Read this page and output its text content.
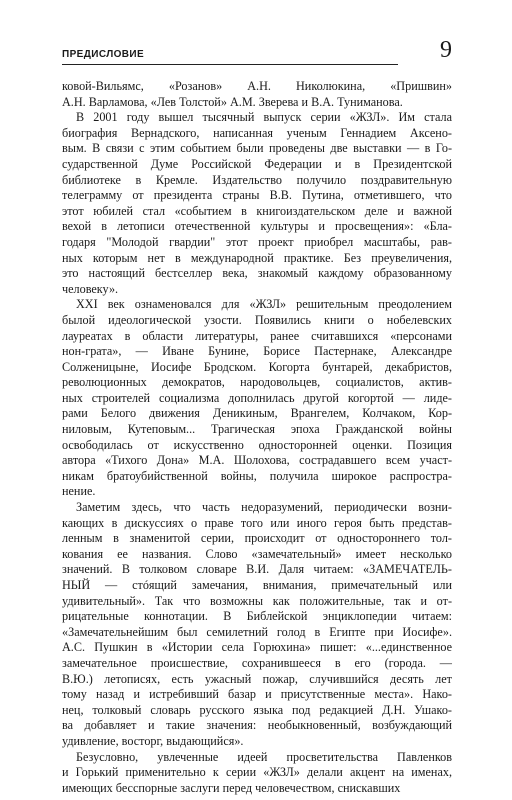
ПРЕДИСЛОВИЕ	9
ковой-Вильямс, «Розанов» А.Н. Николюкина, «Пришвин»
А.Н. Варламова, «Лев Толстой» А.М. Зверева и В.А. Туниманова.
В 2001 году вышел тысячный выпуск серии «ЖЗЛ». Им стала
биография Вернадского, написанная ученым Геннадием Аксено-
вым. В связи с этим событием были проведены две выставки — в Го-
сударственной Думе Российской Федерации и в Президентской
библиотеке в Кремле. Издательство получило поздравительную
телеграмму от президента страны В.В. Путина, отметившего, что
этот юбилей стал «событием в книгоиздательском деле и важной
вехой в летописи отечественной культуры и просвещения»: «Бла-
годаря "Молодой гвардии" этот проект приобрел масштабы, рав-
ных которым нет в международной практике. Без преувеличения,
это настоящий бестселлер века, знакомый каждому образованному
человеку».
XXI век ознаменовался для «ЖЗЛ» решительным преодолением
былой идеологической узости. Появились книги о нобелевских
лауреатах в области литературы, ранее считавшихся «персонами
нон-грата», — Иване Бунине, Борисе Пастернаке, Александре
Солженицыне, Иосифе Бродском. Когорта бунтарей, декабристов,
революционных демократов, народовольцев, социалистов, актив-
ных строителей социализма дополнилась другой когортой — лиде-
рами Белого движения Деникиным, Врангелем, Колчаком, Кор-
ниловым, Кутеповым... Трагическая эпоха Гражданской войны
освободилась от искусственно односторонней оценки. Позиция
автора «Тихого Дона» М.А. Шолохова, сострадавшего всем участ-
никам братоубийственной войны, получила широкое распростра-
нение.
Заметим здесь, что часть недоразумений, периодически возни-
кающих в дискуссиях о праве того или иного героя быть представ-
ленным в знаменитой серии, происходит от одностороннего тол-
кования ее названия. Слово «замечательный» имеет несколько
значений. В толковом словаре В.И. Даля читаем: «ЗАМЕЧАТЕЛЬ-
НЫЙ — стóящий замечания, внимания, примечательный или
удивительный». Так что возможны как положительные, так и от-
рицательные коннотации. В Библейской энциклопедии читаем:
«Замечательнейшим был семилетний голод в Египте при Иосифе».
А.С. Пушкин в «Истории села Горюхина» пишет: «...единственное
замечательное происшествие, сохранившееся в его (города. —
В.Ю.) летописях, есть ужасный пожар, случившийся десять лет
тому назад и истребивший базар и присутственные места». Нако-
нец, толковый словарь русского языка под редакцией Д.Н. Ушако-
ва добавляет и такие значения: необыкновенный, возбуждающий
удивление, восторг, выдающийся».
Безусловно, увлеченные идеей просветительства Павленков
и Горький применительно к серии «ЖЗЛ» делали акцент на именах,
имеющих бесспорные заслуги перед человечеством, снискавших
